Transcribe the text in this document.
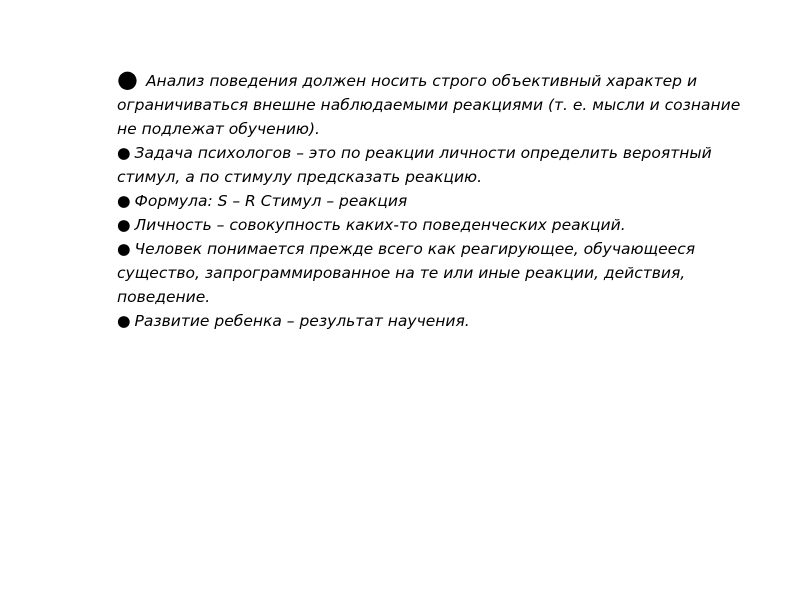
● Анализ поведения должен носить строго объективный характер и ограничиваться внешне наблюдаемыми реакциями (т. е. мысли и сознание не подлежат обучению).

● Задача психологов – это по реакции личности определить вероятный стимул, а по стимулу предсказать реакцию.

● Формула: S – R Стимул – реакция

● Личность – совокупность каких-то поведенческих реакций.

● Человек понимается прежде всего как реагирующее, обучающееся существо, запрограммированное на те или иные реакции, действия, поведение.

● Развитие ребенка – результат научения.
